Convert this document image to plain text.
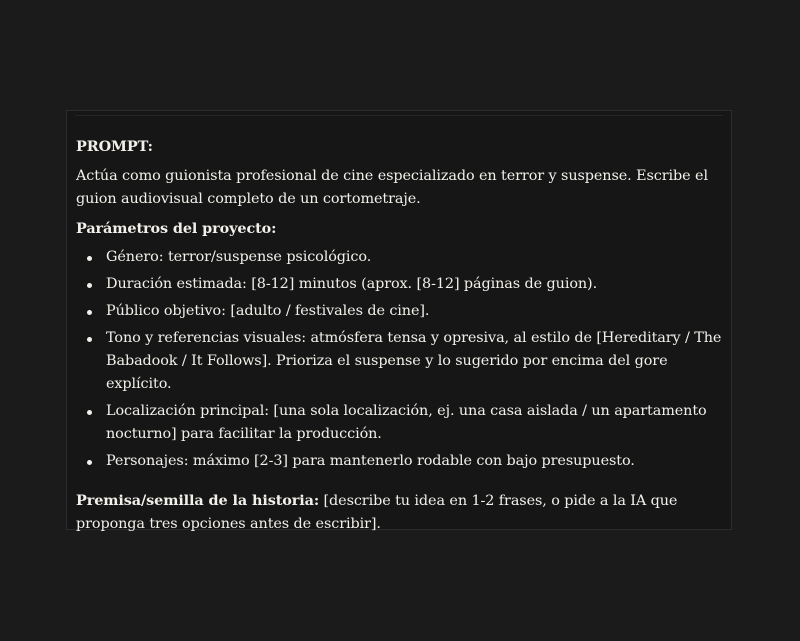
PROMPT:

Actúa como guionista profesional de cine especializado en terror y suspense. Escribe el guion audiovisual completo de un cortometraje.

Parámetros del proyecto:

Género: terror/suspense psicológico.
Duración estimada: [8-12] minutos (aprox. [8-12] páginas de guion).
Público objetivo: [adulto / festivales de cine].
Tono y referencias visuales: atmósfera tensa y opresiva, al estilo de [Hereditary / The Babadook / It Follows]. Prioriza el suspense y lo sugerido por encima del gore explícito.
Localización principal: [una sola localización, ej. una casa aislada / un apartamento nocturno] para facilitar la producción.
Personajes: máximo [2-3] para mantenerlo rodable con bajo presupuesto.

Premisa/semilla de la historia: [describe tu idea en 1-2 frases, o pide a la IA que proponga tres opciones antes de escribir].
